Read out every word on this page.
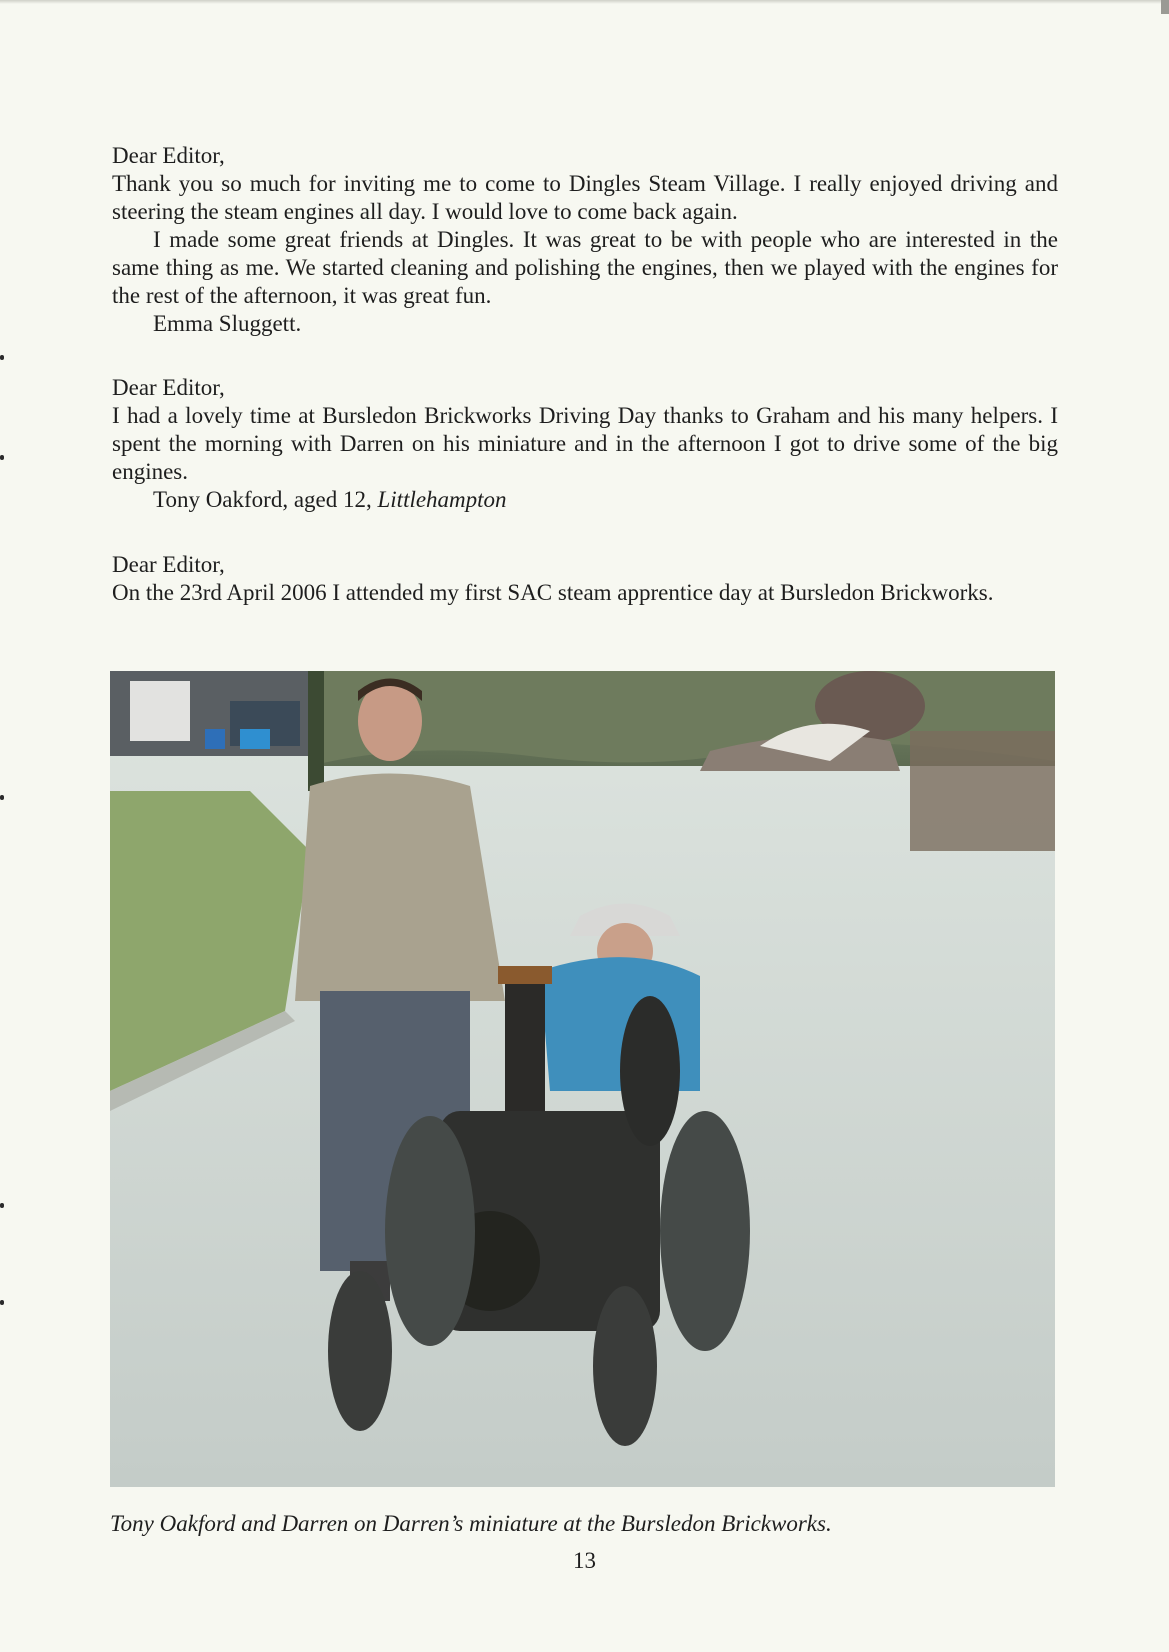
Dear Editor,

Thank you so much for inviting me to come to Dingles Steam Village. I really enjoyed driving and steering the steam engines all day. I would love to come back again.

I made some great friends at Dingles. It was great to be with people who are interested in the same thing as me. We started cleaning and polishing the engines, then we played with the engines for the rest of the afternoon, it was great fun.

Emma Sluggett.

Dear Editor,

I had a lovely time at Bursledon Brickworks Driving Day thanks to Graham and his many helpers. I spent the morning with Darren on his miniature and in the afternoon I got to drive some of the big engines.

Tony Oakford, aged 12, Littlehampton

Dear Editor,

On the 23rd April 2006 I attended my first SAC steam apprentice day at Bursledon Brickworks.

Tony Oakford and Darren on Darren’s miniature at the Bursledon Brickworks.
13
